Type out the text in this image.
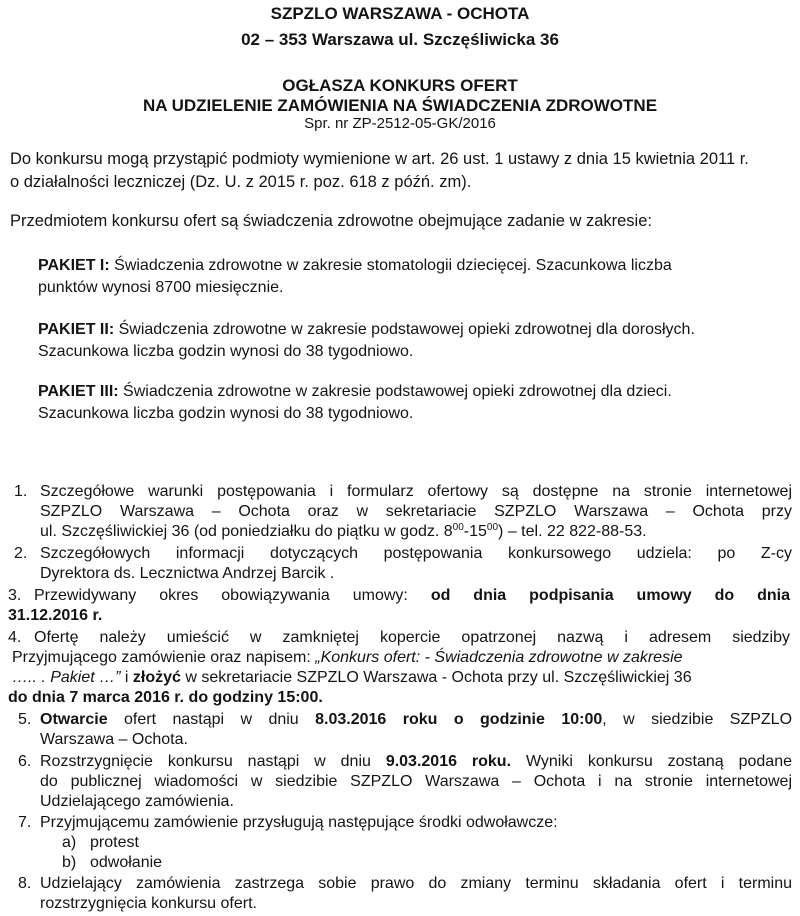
SZPZLO WARSZAWA - OCHOTA
02 – 353 Warszawa ul. Szczęśliwicka 36
OGŁASZA KONKURS OFERT
NA UDZIELENIE ZAMÓWIENIA NA ŚWIADCZENIA ZDROWOTNE
Spr. nr ZP-2512-05-GK/2016
Do konkursu mogą przystąpić podmioty wymienione w art. 26 ust. 1 ustawy z dnia 15 kwietnia 2011 r.
o działalności leczniczej (Dz. U. z 2015 r. poz. 618 z późń. zm).
Przedmiotem konkursu ofert są świadczenia zdrowotne obejmujące zadanie w zakresie:
PAKIET I: Świadczenia zdrowotne w zakresie stomatologii dziecięcej. Szacunkowa liczba
punktów wynosi 8700 miesięcznie.
PAKIET II: Świadczenia zdrowotne w zakresie podstawowej opieki zdrowotnej dla dorosłych.
Szacunkowa liczba godzin wynosi do 38 tygodniowo.
PAKIET III: Świadczenia zdrowotne w zakresie podstawowej opieki zdrowotnej dla dzieci.
Szacunkowa liczba godzin wynosi do 38 tygodniowo.
1. Szczegółowe warunki postępowania i formularz ofertowy są dostępne na stronie internetowej
SZPZLO Warszawa – Ochota oraz w sekretariacie SZPZLO Warszawa – Ochota przy
ul. Szczęśliwickiej 36 (od poniedziałku do piątku w godz. $8^{00}-15^{00}$) – tel. 22 822-88-53.
2. Szczegółowych informacji dotyczących postępowania konkursowego udziela: po Z-cy
Dyrektora ds. Lecznictwa Andrzej Barcik .
3. Przewidywany okres obowiązywania umowy: od dnia podpisania umowy do dnia
31.12.2016 r.
4. Ofertę należy umieścić w zamkniętej kopercie opatrzonej nazwą i adresem siedziby
Przyjmującego zamówienie oraz napisem: „Konkurs ofert: - Świadczenia zdrowotne w zakresie
….. . Pakiet …” i złożyć w sekretariacie SZPZLO Warszawa - Ochota przy ul. Szczęśliwickiej 36
do dnia 7 marca 2016 r. do godziny 15:00.
5. Otwarcie ofert nastąpi w dniu 8.03.2016 roku o godzinie 10:00, w siedzibie SZPZLO
Warszawa – Ochota.
6. Rozstrzygnięcie konkursu nastąpi w dniu 9.03.2016 roku. Wyniki konkursu zostaną podane
do publicznej wiadomości w siedzibie SZPZLO Warszawa – Ochota i na stronie internetowej
Udzielającego zamówienia.
7. Przyjmującemu zamówienie przysługują następujące środki odwoławcze:
a) protest
b) odwołanie
8. Udzielający zamówienia zastrzega sobie prawo do zmiany terminu składania ofert i terminu
rozstrzygnięcia konkursu ofert.
